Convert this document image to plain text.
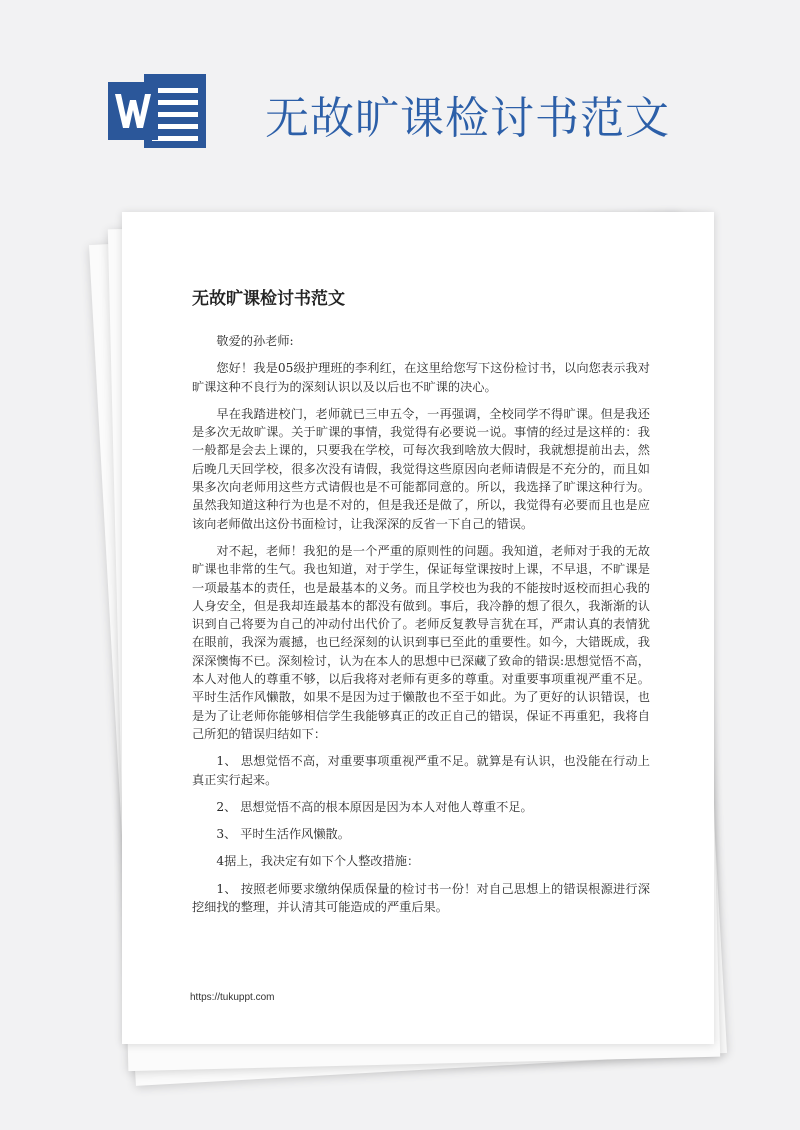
无故旷课检讨书范文
无故旷课检讨书范文

敬爱的孙老师:

您好！我是05级护理班的李利红，在这里给您写下这份检讨书，以向您表示我对旷课这种不良行为的深刻认识以及以后也不旷课的决心。

早在我踏进校门，老师就已三申五令，一再强调，全校同学不得旷课。但是我还是多次无故旷课。关于旷课的事情，我觉得有必要说一说。事情的经过是这样的：我一般都是会去上课的，只要我在学校，可每次我到啥放大假时，我就想提前出去，然后晚几天回学校，很多次没有请假，我觉得这些原因向老师请假是不充分的，而且如果多次向老师用这些方式请假也是不可能都同意的。所以，我选择了旷课这种行为。虽然我知道这种行为也是不对的，但是我还是做了，所以，我觉得有必要而且也是应该向老师做出这份书面检讨，让我深深的反省一下自己的错误。

对不起，老师！我犯的是一个严重的原则性的问题。我知道，老师对于我的无故旷课也非常的生气。我也知道，对于学生，保证每堂课按时上课，不早退，不旷课是一项最基本的责任，也是最基本的义务。而且学校也为我的不能按时返校而担心我的人身安全，但是我却连最基本的都没有做到。事后，我冷静的想了很久，我渐渐的认识到自己将要为自己的冲动付出代价了。老师反复教导言犹在耳，严肃认真的表情犹在眼前，我深为震撼，也已经深刻的认识到事已至此的重要性。如今，大错既成，我深深懊悔不已。深刻检讨，认为在本人的思想中已深藏了致命的错误:思想觉悟不高，本人对他人的尊重不够，以后我将对老师有更多的尊重。对重要事项重视严重不足。平时生活作风懒散，如果不是因为过于懒散也不至于如此。为了更好的认识错误，也是为了让老师你能够相信学生我能够真正的改正自己的错误，保证不再重犯，我将自己所犯的错误归结如下：

1、 思想觉悟不高，对重要事项重视严重不足。就算是有认识，也没能在行动上真正实行起来。

2、 思想觉悟不高的根本原因是因为本人对他人尊重不足。

3、 平时生活作风懒散。

4据上，我决定有如下个人整改措施：

1、 按照老师要求缴纳保质保量的检讨书一份！对自己思想上的错误根源进行深挖细找的整理，并认清其可能造成的严重后果。

https://tukuppt.com
